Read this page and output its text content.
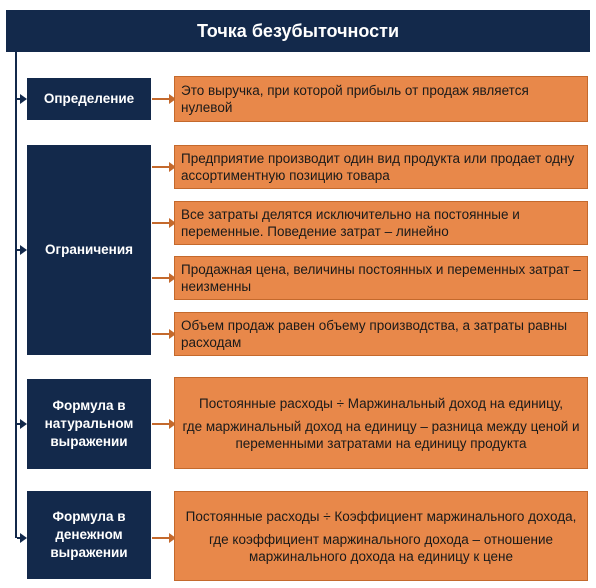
Точка безубыточности
Определение
Это выручка, при которой прибыль от продаж является нулевой
Ограничения
Предприятие производит один вид продукта или продает одну ассортиментную позицию товара
Все затраты делятся исключительно на постоянные и переменные. Поведение затрат – линейно
Продажная цена, величины постоянных и переменных затрат – неизменны
Объем продаж равен объему производства, а затраты равны расходам
Формула в натуральном выражении
Постоянные расходы ÷ Маржинальный доход на единицу,
где маржинальный доход на единицу – разница между ценой и переменными затратами на единицу продукта
Формула в денежном выражении
Постоянные расходы ÷ Коэффициент маржинального дохода,
где коэффициент маржинального дохода – отношение маржинального дохода на единицу к цене
